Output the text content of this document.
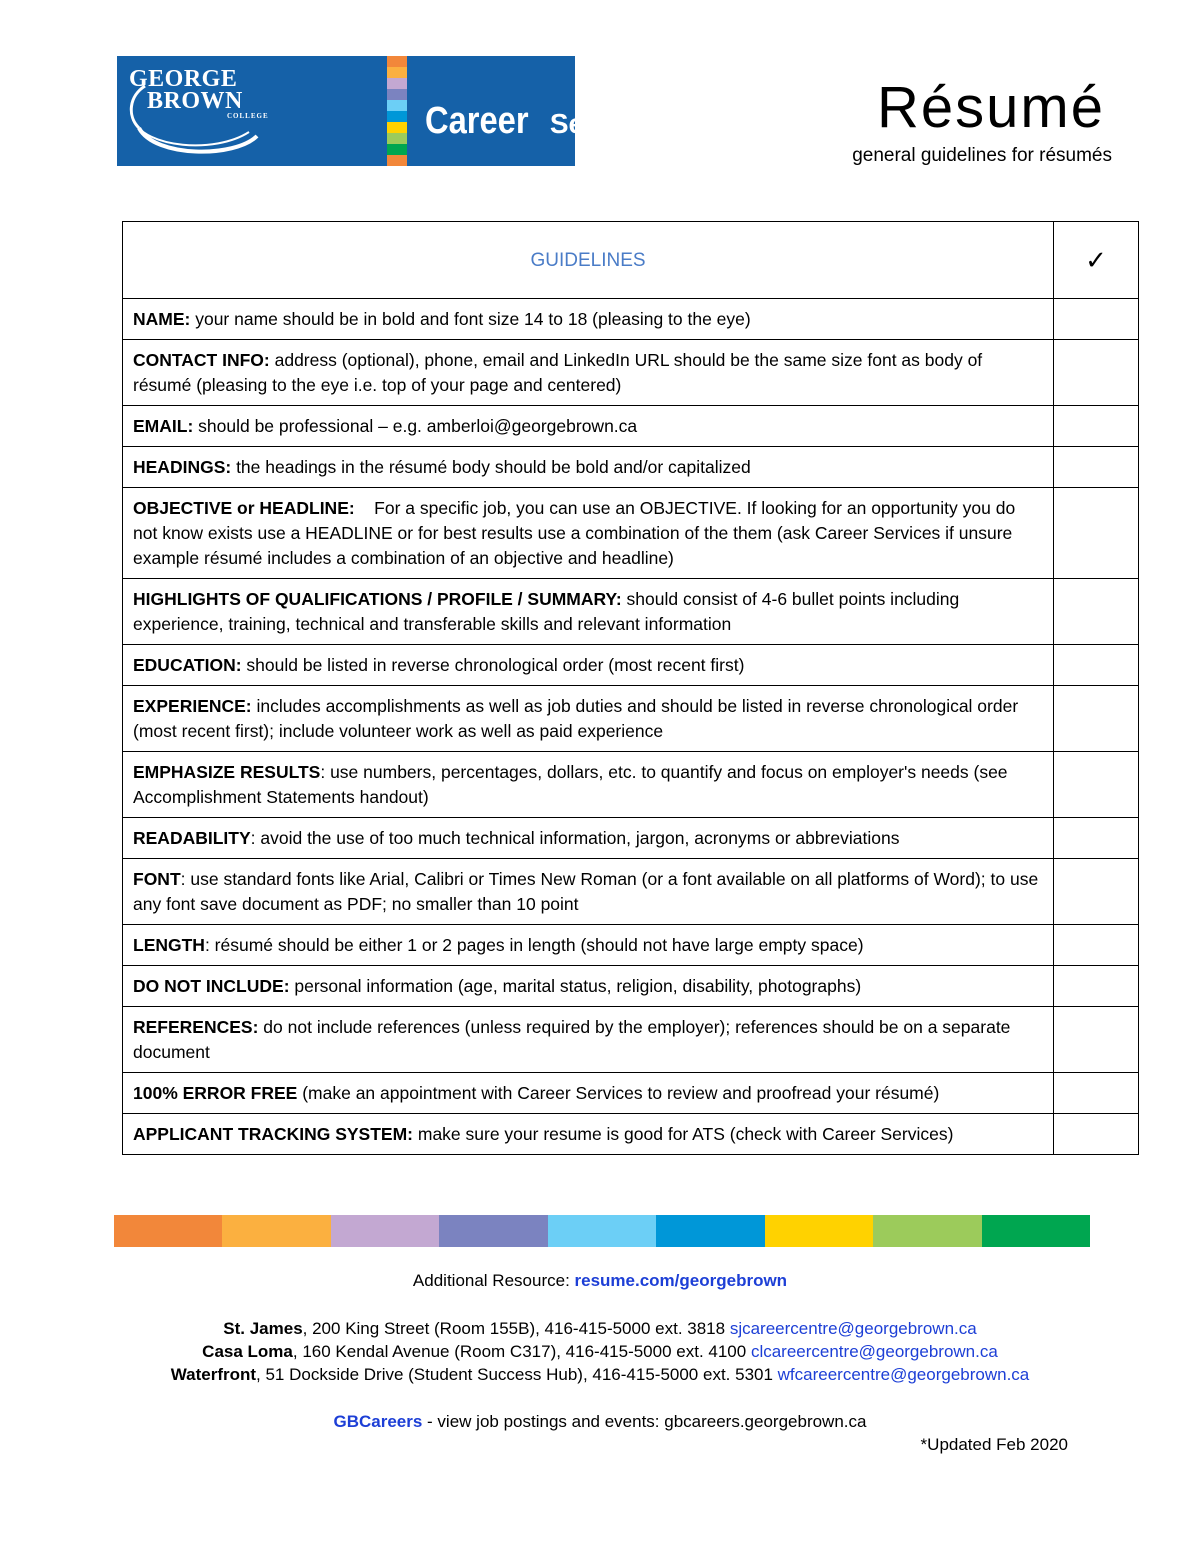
GEORGE
BROWN
COLLEGE	Career Services	Résumé
general guidelines for résumés
GUIDELINES	✓
NAME: your name should be in bold and font size 14 to 18 (pleasing to the eye)	
CONTACT INFO: address (optional), phone, email and LinkedIn URL should be the same size font as body of résumé (pleasing to the eye i.e. top of your page and centered)	
EMAIL: should be professional – e.g. amberloi@georgebrown.ca	
HEADINGS: the headings in the résumé body should be bold and/or capitalized	
OBJECTIVE or HEADLINE:    For a specific job, you can use an OBJECTIVE. If looking for an opportunity you do not know exists use a HEADLINE or for best results use a combination of the them (ask Career Services if unsure example résumé includes a combination of an objective and headline)	
HIGHLIGHTS OF QUALIFICATIONS / PROFILE / SUMMARY: should consist of 4-6 bullet points including experience, training, technical and transferable skills and relevant information	
EDUCATION: should be listed in reverse chronological order (most recent first)	
EXPERIENCE: includes accomplishments as well as job duties and should be listed in reverse chronological order (most recent first); include volunteer work as well as paid experience	
EMPHASIZE RESULTS: use numbers, percentages, dollars, etc. to quantify and focus on employer's needs (see Accomplishment Statements handout)	
READABILITY: avoid the use of too much technical information, jargon, acronyms or abbreviations	
FONT: use standard fonts like Arial, Calibri or Times New Roman (or a font available on all platforms of Word); to use any font save document as PDF; no smaller than 10 point	
LENGTH: résumé should be either 1 or 2 pages in length (should not have large empty space)	
DO NOT INCLUDE: personal information (age, marital status, religion, disability, photographs)	
REFERENCES: do not include references (unless required by the employer); references should be on a separate document	
100% ERROR FREE (make an appointment with Career Services to review and proofread your résumé)	
APPLICANT TRACKING SYSTEM: make sure your resume is good for ATS (check with Career Services)	
Additional Resource: resume.com/georgebrown
St. James, 200 King Street (Room 155B), 416-415-5000 ext. 3818 sjcareercentre@georgebrown.ca
Casa Loma, 160 Kendal Avenue (Room C317), 416-415-5000 ext. 4100 clcareercentre@georgebrown.ca
Waterfront, 51 Dockside Drive (Student Success Hub), 416-415-5000 ext. 5301 wfcareercentre@georgebrown.ca
GBCareers - view job postings and events: gbcareers.georgebrown.ca
*Updated Feb 2020
